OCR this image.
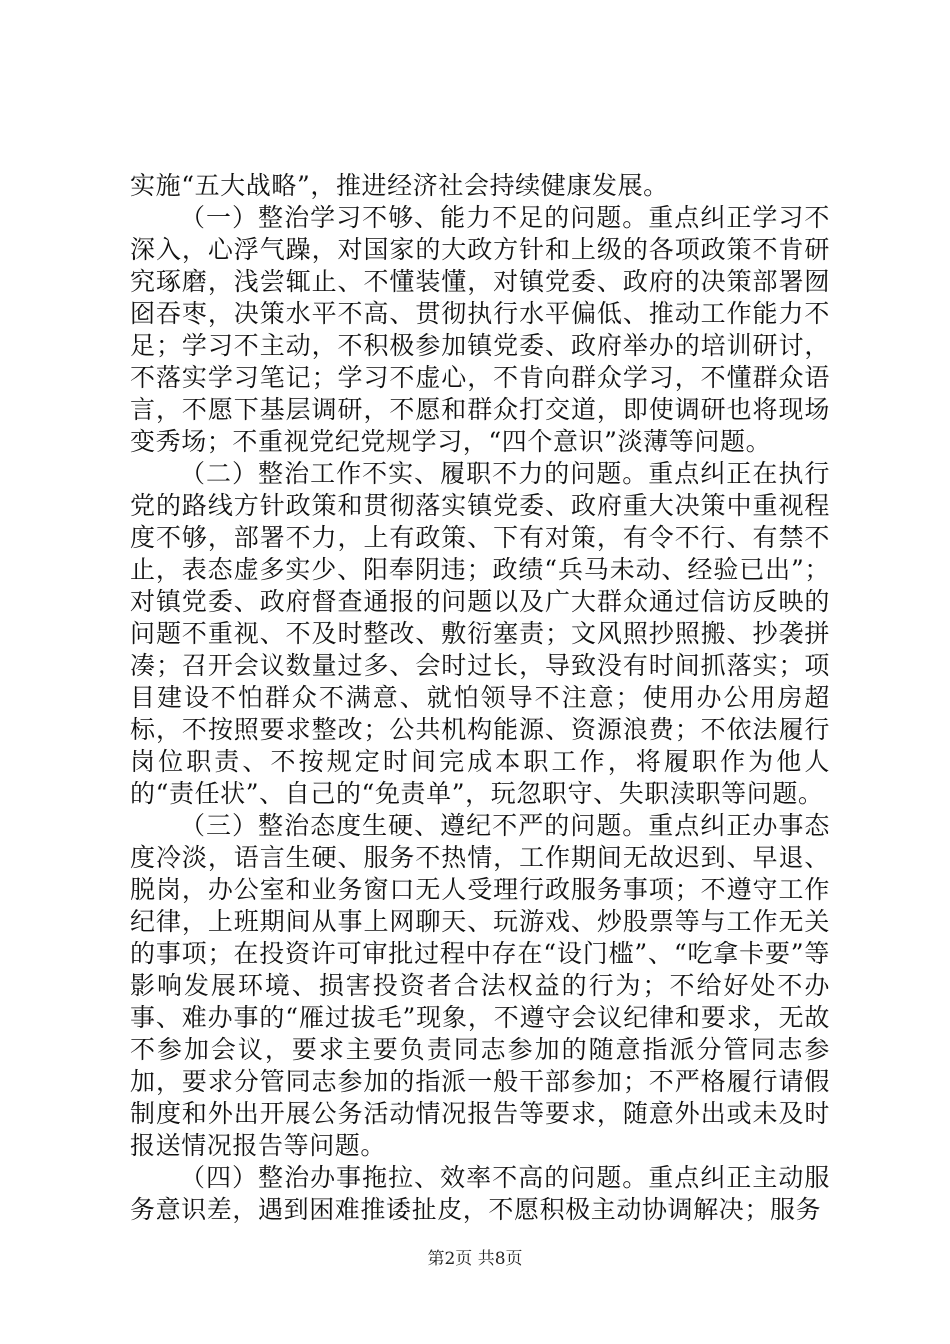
实施“五大战略”，推进经济社会持续健康发展。

（一）整治学习不够、能力不足的问题。重点纠正学习不深入，心浮气躁，对国家的大政方针和上级的各项政策不肯研究琢磨，浅尝辄止、不懂装懂，对镇党委、政府的决策部署囫囵吞枣，决策水平不高、贯彻执行水平偏低、推动工作能力不足；学习不主动，不积极参加镇党委、政府举办的培训研讨，不落实学习笔记；学习不虚心，不肯向群众学习，不懂群众语言，不愿下基层调研，不愿和群众打交道，即使调研也将现场变秀场；不重视党纪党规学习，“四个意识”淡薄等问题。

（二）整治工作不实、履职不力的问题。重点纠正在执行党的路线方针政策和贯彻落实镇党委、政府重大决策中重视程度不够，部署不力，上有政策、下有对策，有令不行、有禁不止，表态虚多实少、阳奉阴违；政绩“兵马未动、经验已出”；对镇党委、政府督查通报的问题以及广大群众通过信访反映的问题不重视、不及时整改、敷衍塞责；文风照抄照搬、抄袭拼凑；召开会议数量过多、会时过长，导致没有时间抓落实；项目建设不怕群众不满意、就怕领导不注意；使用办公用房超标，不按照要求整改；公共机构能源、资源浪费；不依法履行岗位职责、不按规定时间完成本职工作，将履职作为他人的“责任状”、自己的“免责单”，玩忽职守、失职渎职等问题。

（三）整治态度生硬、遵纪不严的问题。重点纠正办事态度冷淡，语言生硬、服务不热情，工作期间无故迟到、早退、脱岗，办公室和业务窗口无人受理行政服务事项；不遵守工作纪律，上班期间从事上网聊天、玩游戏、炒股票等与工作无关的事项；在投资许可审批过程中存在“设门槛”、“吃拿卡要”等影响发展环境、损害投资者合法权益的行为；不给好处不办事、难办事的“雁过拔毛”现象，不遵守会议纪律和要求，无故不参加会议，要求主要负责同志参加的随意指派分管同志参加，要求分管同志参加的指派一般干部参加；不严格履行请假制度和外出开展公务活动情况报告等要求，随意外出或未及时报送情况报告等问题。

（四）整治办事拖拉、效率不高的问题。重点纠正主动服务意识差，遇到困难推诿扯皮，不愿积极主动协调解决；服务

第2页 共8页
